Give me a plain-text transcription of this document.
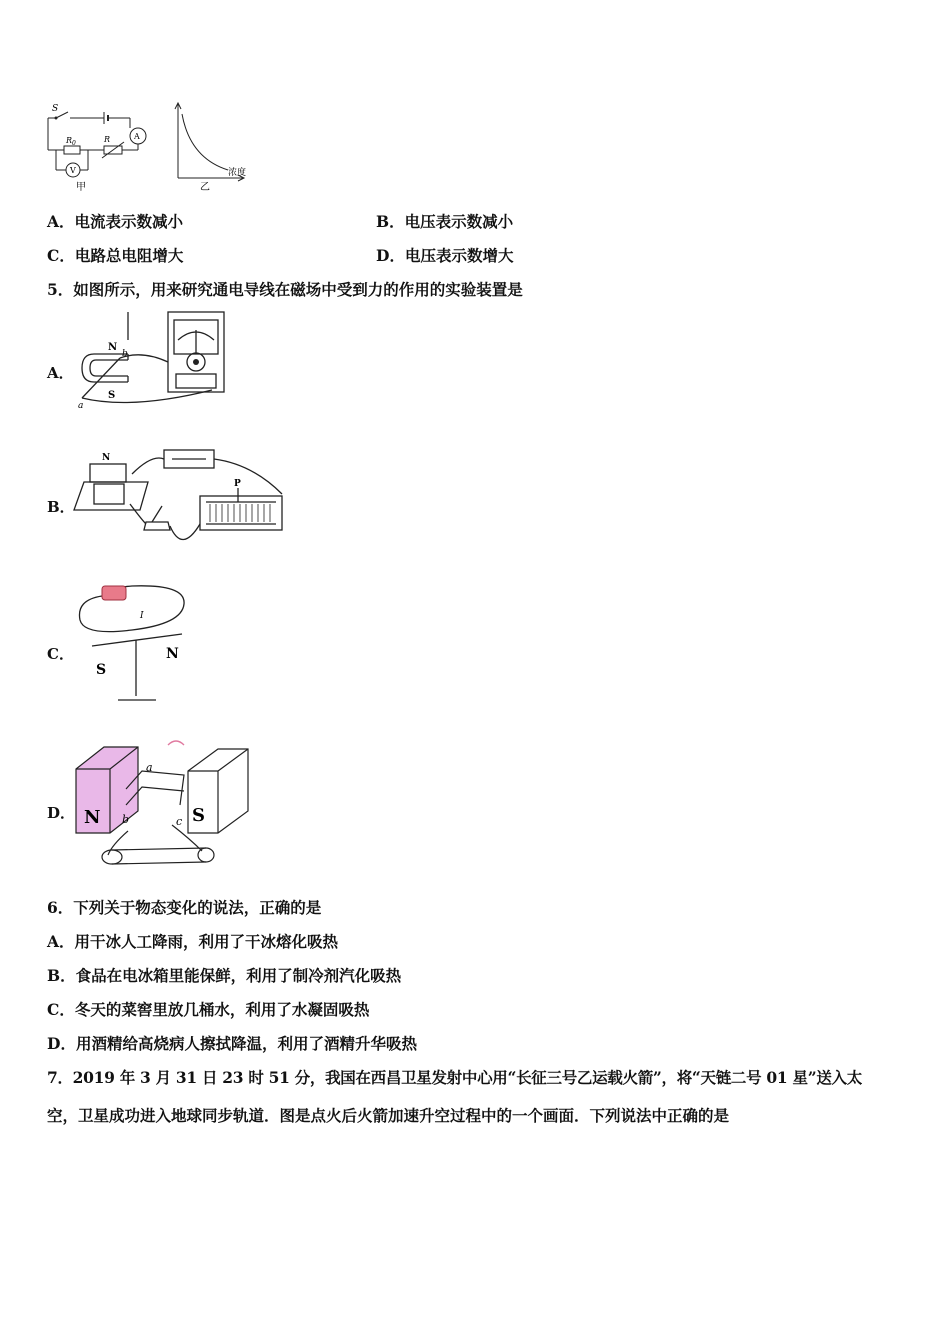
S
$R_0$	R	A
V
甲	乙
浓度
A．电流表示数减小	B．电压表示数减小
C．电路总电阻增大	D．电压表示数增大
5．如图所示，用来研究通电导线在磁场中受到力的作用的实验装置是
A．
N
S
a
b
B．
N
P
C．
S
N
I
D． N	S
a
b	c
6．下列关于物态变化的说法，正确的是
A．用干冰人工降雨，利用了干冰熔化吸热
B．食品在电冰箱里能保鲜，利用了制冷剂汽化吸热
C．冬天的菜窖里放几桶水，利用了水凝固吸热
D．用酒精给高烧病人擦拭降温，利用了酒精升华吸热
7．2019 年 3 月 31 日 23 时 51 分，我国在西昌卫星发射中心用“长征三号乙运载火箭”，将“天链二号 01 星”送入太
空，卫星成功进入地球同步轨道．图是点火后火箭加速升空过程中的一个画面．下列说法中正确的是
